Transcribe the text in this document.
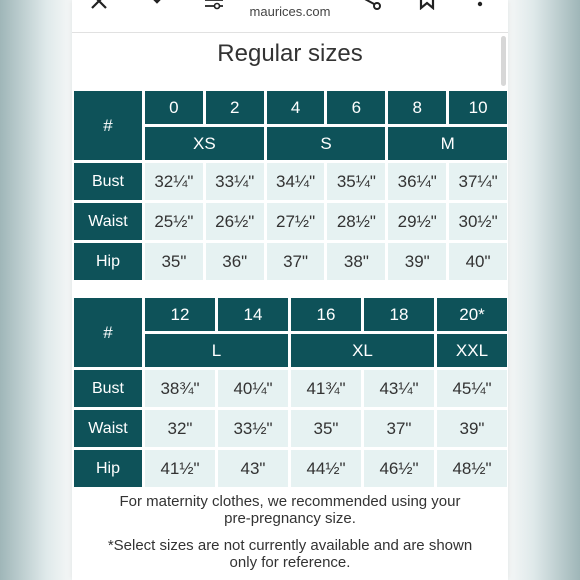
maurices.com
Regular sizes
#	0	2	4	6	8	10
	XS		S		M	
Bust	32¼"	33¼"	34¼"	35¼"	36¼"	37¼"
Waist	25½"	26½"	27½"	28½"	29½"	30½"
Hip	35"	36"	37"	38"	39"	40"
#	12	14	16	18	20*
	L		XL		XXL
Bust	38¾"	40¼"	41¾"	43¼"	45¼"
Waist	32"	33½"	35"	37"	39"
Hip	41½"	43"	44½"	46½"	48½"
For maternity clothes, we recommended using your
pre-pregnancy size.
*Select sizes are not currently available and are shown
only for reference.
